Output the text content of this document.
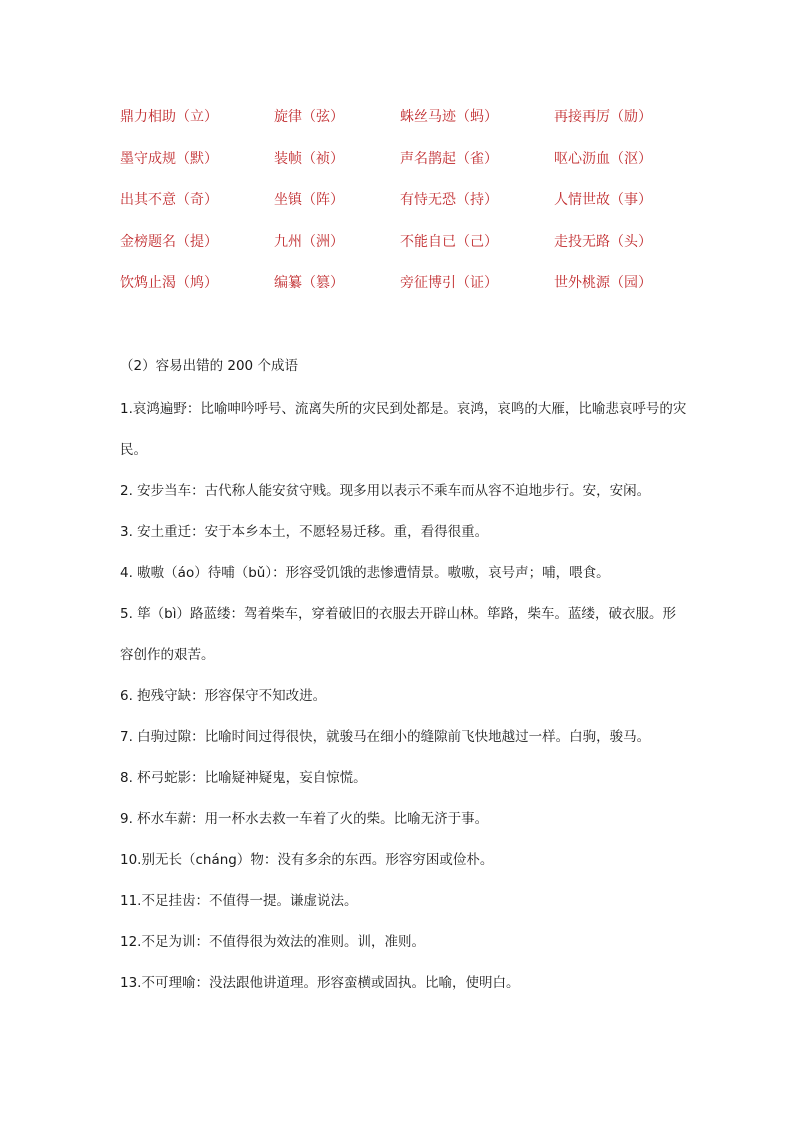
鼎力相助（立）	旋律（弦）	蛛丝马迹（蚂）	再接再厉（励）
墨守成规（默）	装帧（祯）	声名鹊起（雀）	呕心沥血（沤）
出其不意（奇）	坐镇（阵）	有恃无恐（持）	人情世故（事）
金榜题名（提）	九州（洲）	不能自已（己）	走投无路（头）
饮鸩止渴（鸠）	编纂（篡）	旁征博引（证）	世外桃源（园）

（2）容易出错的 200 个成语

1.哀鸿遍野：比喻呻吟呼号、流离失所的灾民到处都是。哀鸿，哀鸣的大雁，比喻悲哀呼号的灾民。

2. 安步当车：古代称人能安贫守贱。现多用以表示不乘车而从容不迫地步行。安，安闲。

3. 安土重迁：安于本乡本土，不愿轻易迁移。重，看得很重。

4. 嗷嗷（áo）待哺（bǔ）：形容受饥饿的悲惨遭情景。嗷嗷，哀号声；哺，喂食。

5. 筚（bì）路蓝缕：驾着柴车，穿着破旧的衣服去开辟山林。筚路，柴车。蓝缕，破衣服。形容创作的艰苦。

6. 抱残守缺：形容保守不知改进。

7. 白驹过隙：比喻时间过得很快，就骏马在细小的缝隙前飞快地越过一样。白驹，骏马。

8. 杯弓蛇影：比喻疑神疑鬼，妄自惊慌。

9. 杯水车薪：用一杯水去救一车着了火的柴。比喻无济于事。

10.别无长（cháng）物：没有多余的东西。形容穷困或俭朴。

11.不足挂齿：不值得一提。谦虚说法。

12.不足为训：不值得很为效法的准则。训，准则。

13.不可理喻：没法跟他讲道理。形容蛮横或固执。比喻，使明白。
